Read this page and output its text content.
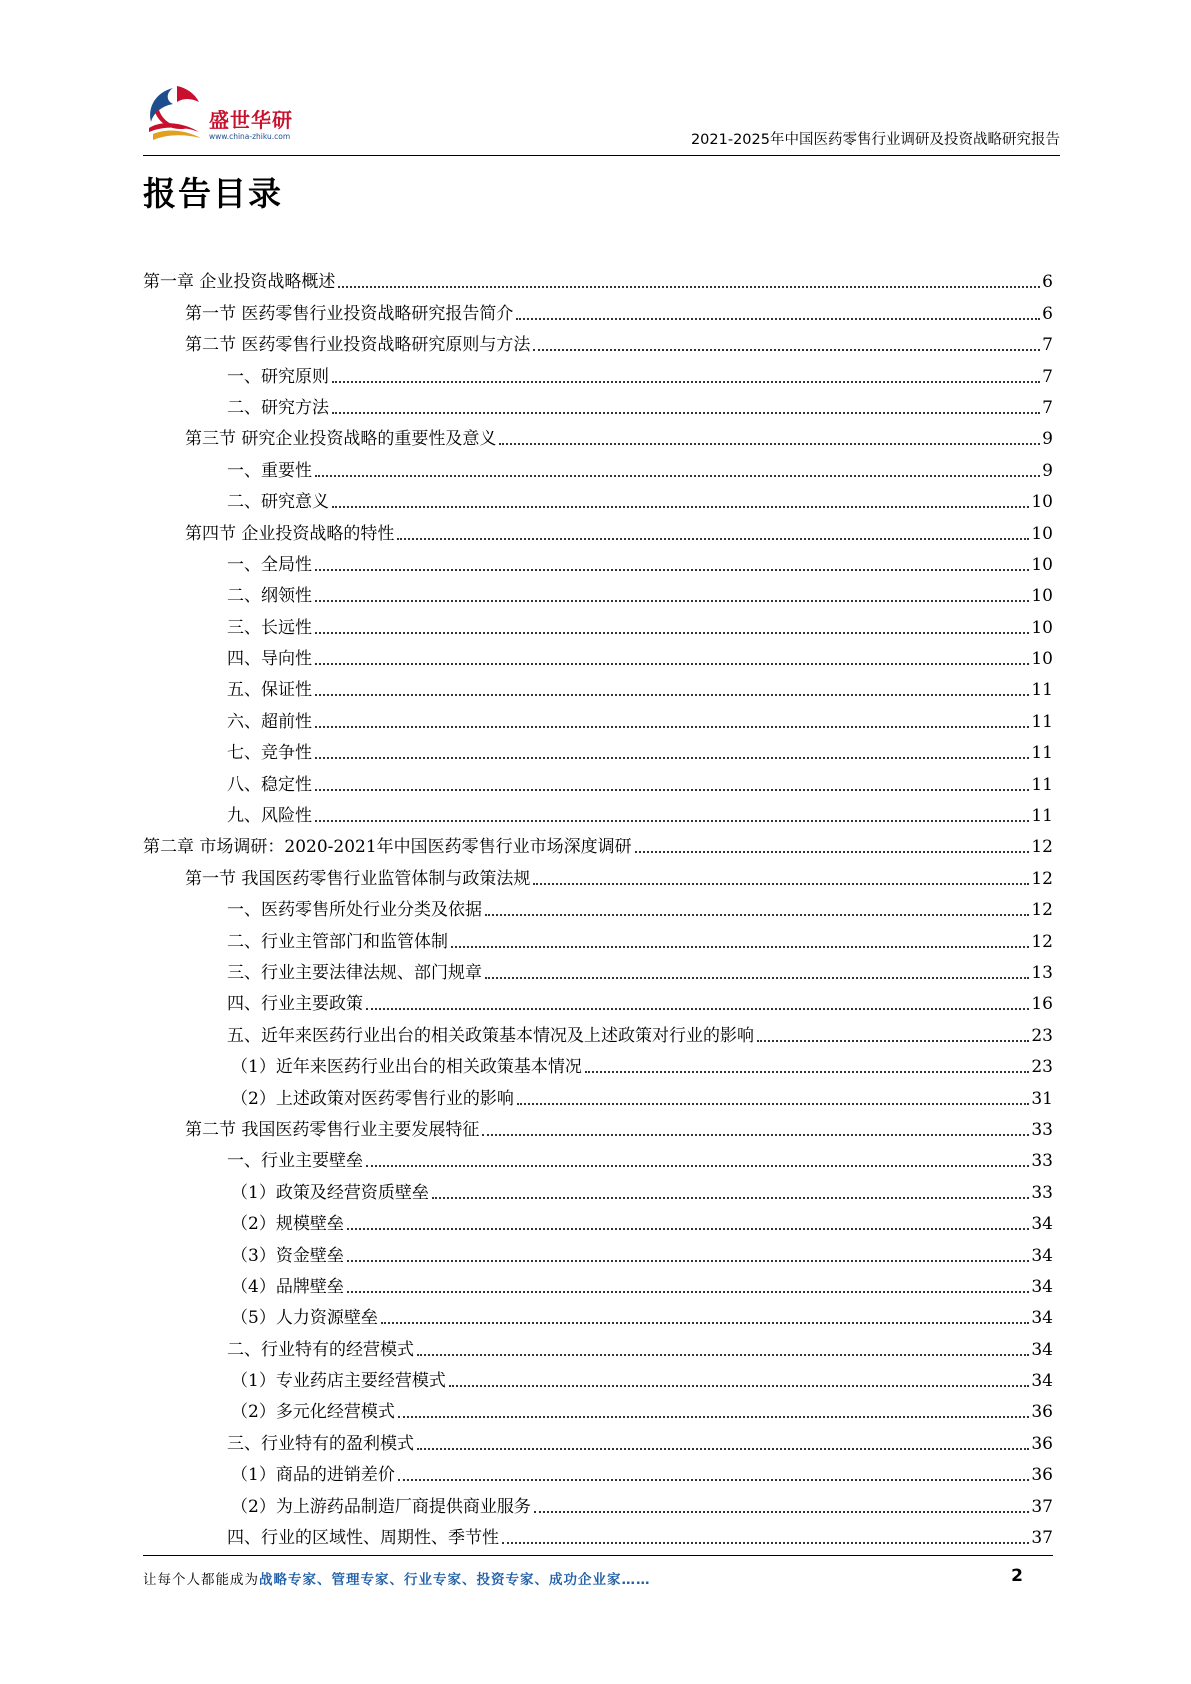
盛世华研
www.china-zhiku.com	2021-2025年中国医药零售行业调研及投资战略研究报告
报告目录
第一章 企业投资战略概述	6
第一节 医药零售行业投资战略研究报告简介	6
第二节 医药零售行业投资战略研究原则与方法	7
一、研究原则	7
二、研究方法	7
第三节 研究企业投资战略的重要性及意义	9
一、重要性	9
二、研究意义	10
第四节 企业投资战略的特性	10
一、全局性	10
二、纲领性	10
三、长远性	10
四、导向性	10
五、保证性	11
六、超前性	11
七、竞争性	11
八、稳定性	11
九、风险性	11
第二章 市场调研：2020-2021年中国医药零售行业市场深度调研	12
第一节 我国医药零售行业监管体制与政策法规	12
一、医药零售所处行业分类及依据	12
二、行业主管部门和监管体制	12
三、行业主要法律法规、部门规章	13
四、行业主要政策	16
五、近年来医药行业出台的相关政策基本情况及上述政策对行业的影响	23
（1）近年来医药行业出台的相关政策基本情况	23
（2）上述政策对医药零售行业的影响	31
第二节 我国医药零售行业主要发展特征	33
一、行业主要壁垒	33
（1）政策及经营资质壁垒	33
（2）规模壁垒	34
（3）资金壁垒	34
（4）品牌壁垒	34
（5）人力资源壁垒	34
二、行业特有的经营模式	34
（1）专业药店主要经营模式	34
（2）多元化经营模式	36
三、行业特有的盈利模式	36
（1）商品的进销差价	36
（2）为上游药品制造厂商提供商业服务	37
四、行业的区域性、周期性、季节性	37
让每个人都能成为战略专家、管理专家、行业专家、投资专家、成功企业家……	2
